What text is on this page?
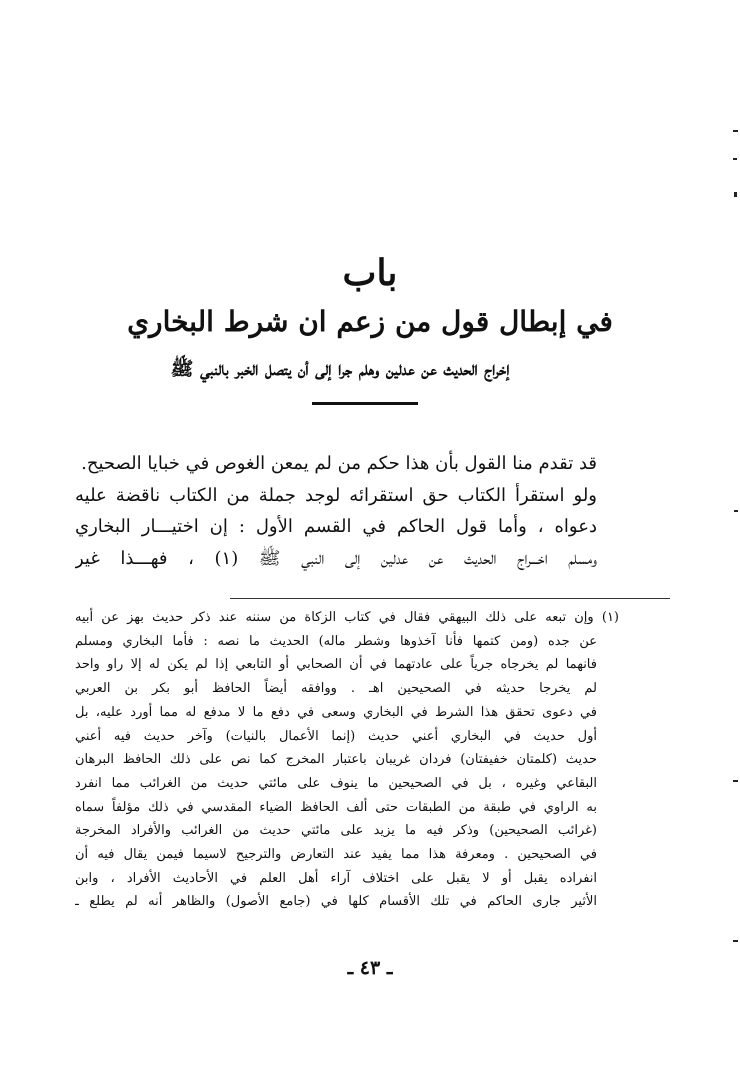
باب
في إبطال قول من زعم ان شرط البخاري
إخراج الحديث عن عدلين وهلم جرا إلى أن يتصل الخبر بالنبي ﷺ
قد تقدم منا القول بأن هذا حكم من لم يمعن الغوص في خبايا الصحيح.
ولو استقرأ الكتاب حق استقرائه لوجد جملة من الكتاب ناقضة عليه
دعواه ، وأما قول الحاكم في القسم الأول : إن اختيـــار البخاري
ومسلم اخـــراج الحديث عن عدلين إلى النبي ﷺ (١) ، فهـــذا غير
(١) وإن تبعه على ذلك البيهقي فقال في كتاب الزكاة من سننه عند ذكر حديث بهز عن أبيه
عن جده (ومن كتمها فأنا آخذوها وشطر ماله) الحديث ما نصه : فأما البخاري ومسلم
فانهما لم يخرجاه جرياً على عادتهما في أن الصحابي أو التابعي إذا لم يكن له إلا راو واحد
لم يخرجا حديثه في الصحيحين اهـ . ووافقه أيضاً الحافظ أبو بكر بن العربي
في دعوى تحقق هذا الشرط في البخاري وسعى في دفع ما لا مدفع له مما أورد عليه، بل
أول حديث في البخاري أعني حديث (إنما الأعمال بالنيات) وآخر حديث فيه أعني
حديث (كلمتان خفيفتان) فردان غريبان باعتبار المخرج كما نص على ذلك الحافظ البرهان
البقاعي وغيره ، بل في الصحيحين ما ينوف على مائتي حديث من الغرائب مما انفرد
به الراوي في طبقة من الطبقات حتى ألف الحافظ الضياء المقدسي في ذلك مؤلفاً سماه
(غرائب الصحيحين) وذكر فيه ما يزيد على مائتي حديث من الغرائب والأفراد المخرجة
في الصحيحين . ومعرفة هذا مما يفيد عند التعارض والترجيح لاسيما فيمن يقال فيه أن
انفراده يقبل أو لا يقبل على اختلاف آراء أهل العلم في الأحاديث الأفراد ، وابن
الأثير جارى الحاكم في تلك الأقسام كلها في (جامع الأصول) والظاهر أنه لم يطلع ـ
ـ ٤٣ ـ
